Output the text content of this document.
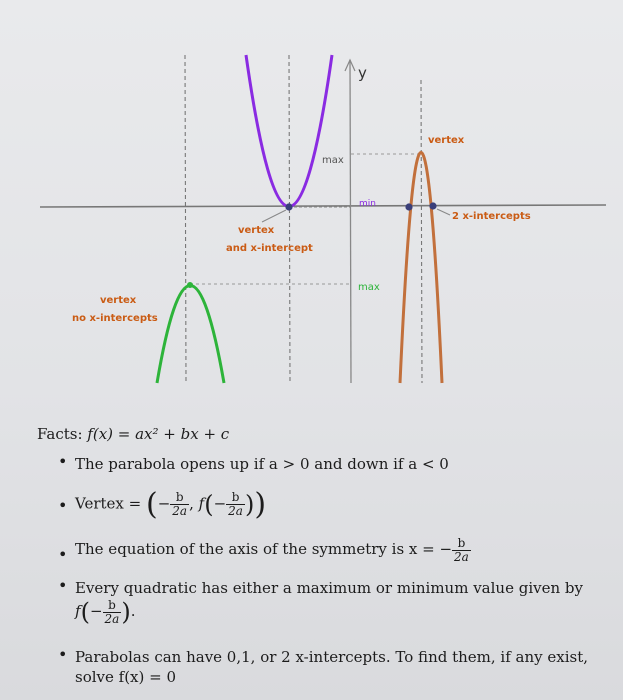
y
max
min
max
vertex
2 x-intercepts
vertex
and x-intercept
vertex
no x-intercepts
Facts: f(x) = ax² + bx + c
• The parabola opens up if a > 0 and down if a < 0
• Vertex = (− $\frac{b}{2a}$ , $f(- \frac{b}{2a}$ ))
• The equation of the axis of the symmetry is x = − $\frac{b}{2a}$
• Every quadratic has either a maximum or minimum value given by
$f(- \frac{b}{2a}$ ).
• Parabolas can have 0,1, or 2 x-intercepts. To find them, if any exist,
solve f(x) = 0
